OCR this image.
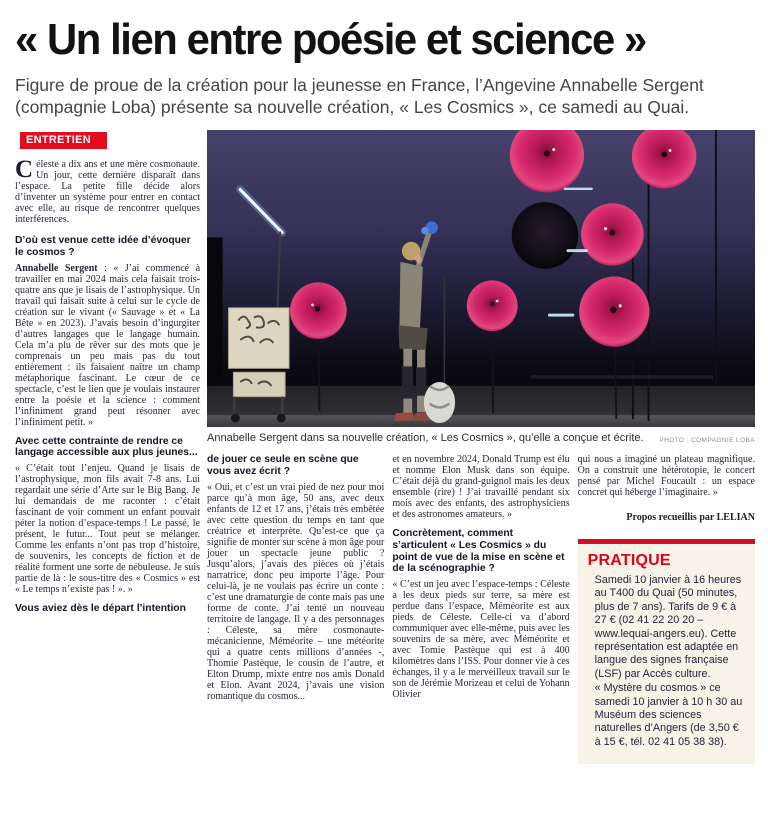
« Un lien entre poésie et science »

Figure de proue de la création pour la jeunesse en France, l’Angevine Annabelle Sergent (compagnie Loba) présente sa nouvelle création, « Les Cosmics », ce samedi au Quai.

ENTRETIEN

Céleste a dix ans et une mère cosmonaute. Un jour, cette dernière disparaît dans l’espace. La petite fille décide alors d’inventer un système pour entrer en contact avec elle, au risque de rencontrer quelques interférences.

D’où est venue cette idée d’évoquer le cosmos ?

Annabelle Sergent : « J’ai commencé à travailler en mai 2024 mais cela faisait trois-quatre ans que je lisais de l’astrophysique. Un travail qui faisait suite à celui sur le cycle de création sur le vivant (« Sauvage » et « La Bête » en 2023). J’avais besoin d’ingurgiter d’autres langages que le langage humain. Cela m’a plu de rêver sur des mots que je comprenais un peu mais pas du tout entièrement : ils faisaient naître un champ métaphorique fascinant. Le cœur de ce spectacle, c’est le lien que je voulais instaurer entre la poésie et la science : comment l’infiniment grand peut résonner avec l’infiniment petit. »

Avec cette contrainte de rendre ce langage accessible aux plus jeunes...

« C’était tout l’enjeu. Quand je lisais de l’astrophysique, mon fils avait 7-8 ans. Lui regardait une série d’Arte sur le Big Bang. Je lui demandais de me raconter : c’était fascinant de voir comment un enfant pouvait péter la notion d’espace-temps ! Le passé, le présent, le futur... Tout peut se mélanger. Comme les enfants n’ont pas trop d’histoire, de souvenirs, les concepts de fiction et de réalité forment une sorte de nébuleuse. Je suis partie de là : le sous-titre des « Cosmics » est « Le temps n’existe pas ! ». »

Vous aviez dès le départ l’intention
Annabelle Sergent dans sa nouvelle création, « Les Cosmics », qu’elle a conçue et écrite. PHOTO : COMPAGNIE LOBA
de jouer ce seule en scène que vous avez écrit ?

« Oui, et c’est un vrai pied de nez pour moi parce qu’à mon âge, 50 ans, avec deux enfants de 12 et 17 ans, j’étais très embêtée avec cette question du temps en tant que créatrice et interprète. Qu’est-ce que ça signifie de monter sur scène à mon âge pour jouer un spectacle jeune public ? Jusqu’alors, j’avais des pièces où j’étais narratrice, donc peu importe l’âge. Pour celui-là, je ne voulais pas écrire un conte : c’est une dramaturgie de conte mais pas une forme de conte. J’ai tenté un nouveau territoire de langage. Il y a des personnages : Céleste, sa mère cosmonaute-mécanicienne, Méméorite – une météorite qui a quatre cents millions d’années -, Thomie Pastèque, le cousin de l’autre, et Elton Drump, mixte entre nos amis Donald et Elon. Avant 2024, j’avais une vision romantique du cosmos...

et en novembre 2024, Donald Trump est élu et nomme Elon Musk dans son équipe. C’était déjà du grand-guignol mais les deux ensemble (rire) ! J’ai travaillé pendant six mois avec des enfants, des astrophysiciens et des astronomes amateurs. »

Concrètement, comment s’articulent « Les Cosmics » du point de vue de la mise en scène et de la scénographie ?

« C’est un jeu avec l’espace-temps : Céleste a les deux pieds sur terre, sa mère est perdue dans l’espace, Méméorite est aux pieds de Céleste. Celle-ci va d’abord communiquer avec elle-même, puis avec les souvenirs de sa mère, avec Méméorite et avec Tomie Pastèque qui est à 400 kilomètres dans l’ISS. Pour donner vie à ces échanges, il y a le merveilleux travail sur le son de Jérémie Morizeau et celui de Yohann Olivier

qui nous a imaginé un plateau magnifique. On a construit une hétérotopie, le concert pensé par Michel Foucault : un espace concret qui héberge l’imaginaire. »

Propos recueillis par LELIAN

PRATIQUE

Samedi 10 janvier à 16 heures au T400 du Quai (50 minutes, plus de 7 ans). Tarifs de 9 € à 27 € (02 41 22 20 20 – www.lequai-angers.eu). Cette représentation est adaptée en langue des signes française (LSF) par Accès culture.

« Mystère du cosmos » ce samedi 10 janvier à 10 h 30 au Muséum des sciences naturelles d’Angers (de 3,50 € à 15 €, tél. 02 41 05 38 38).
